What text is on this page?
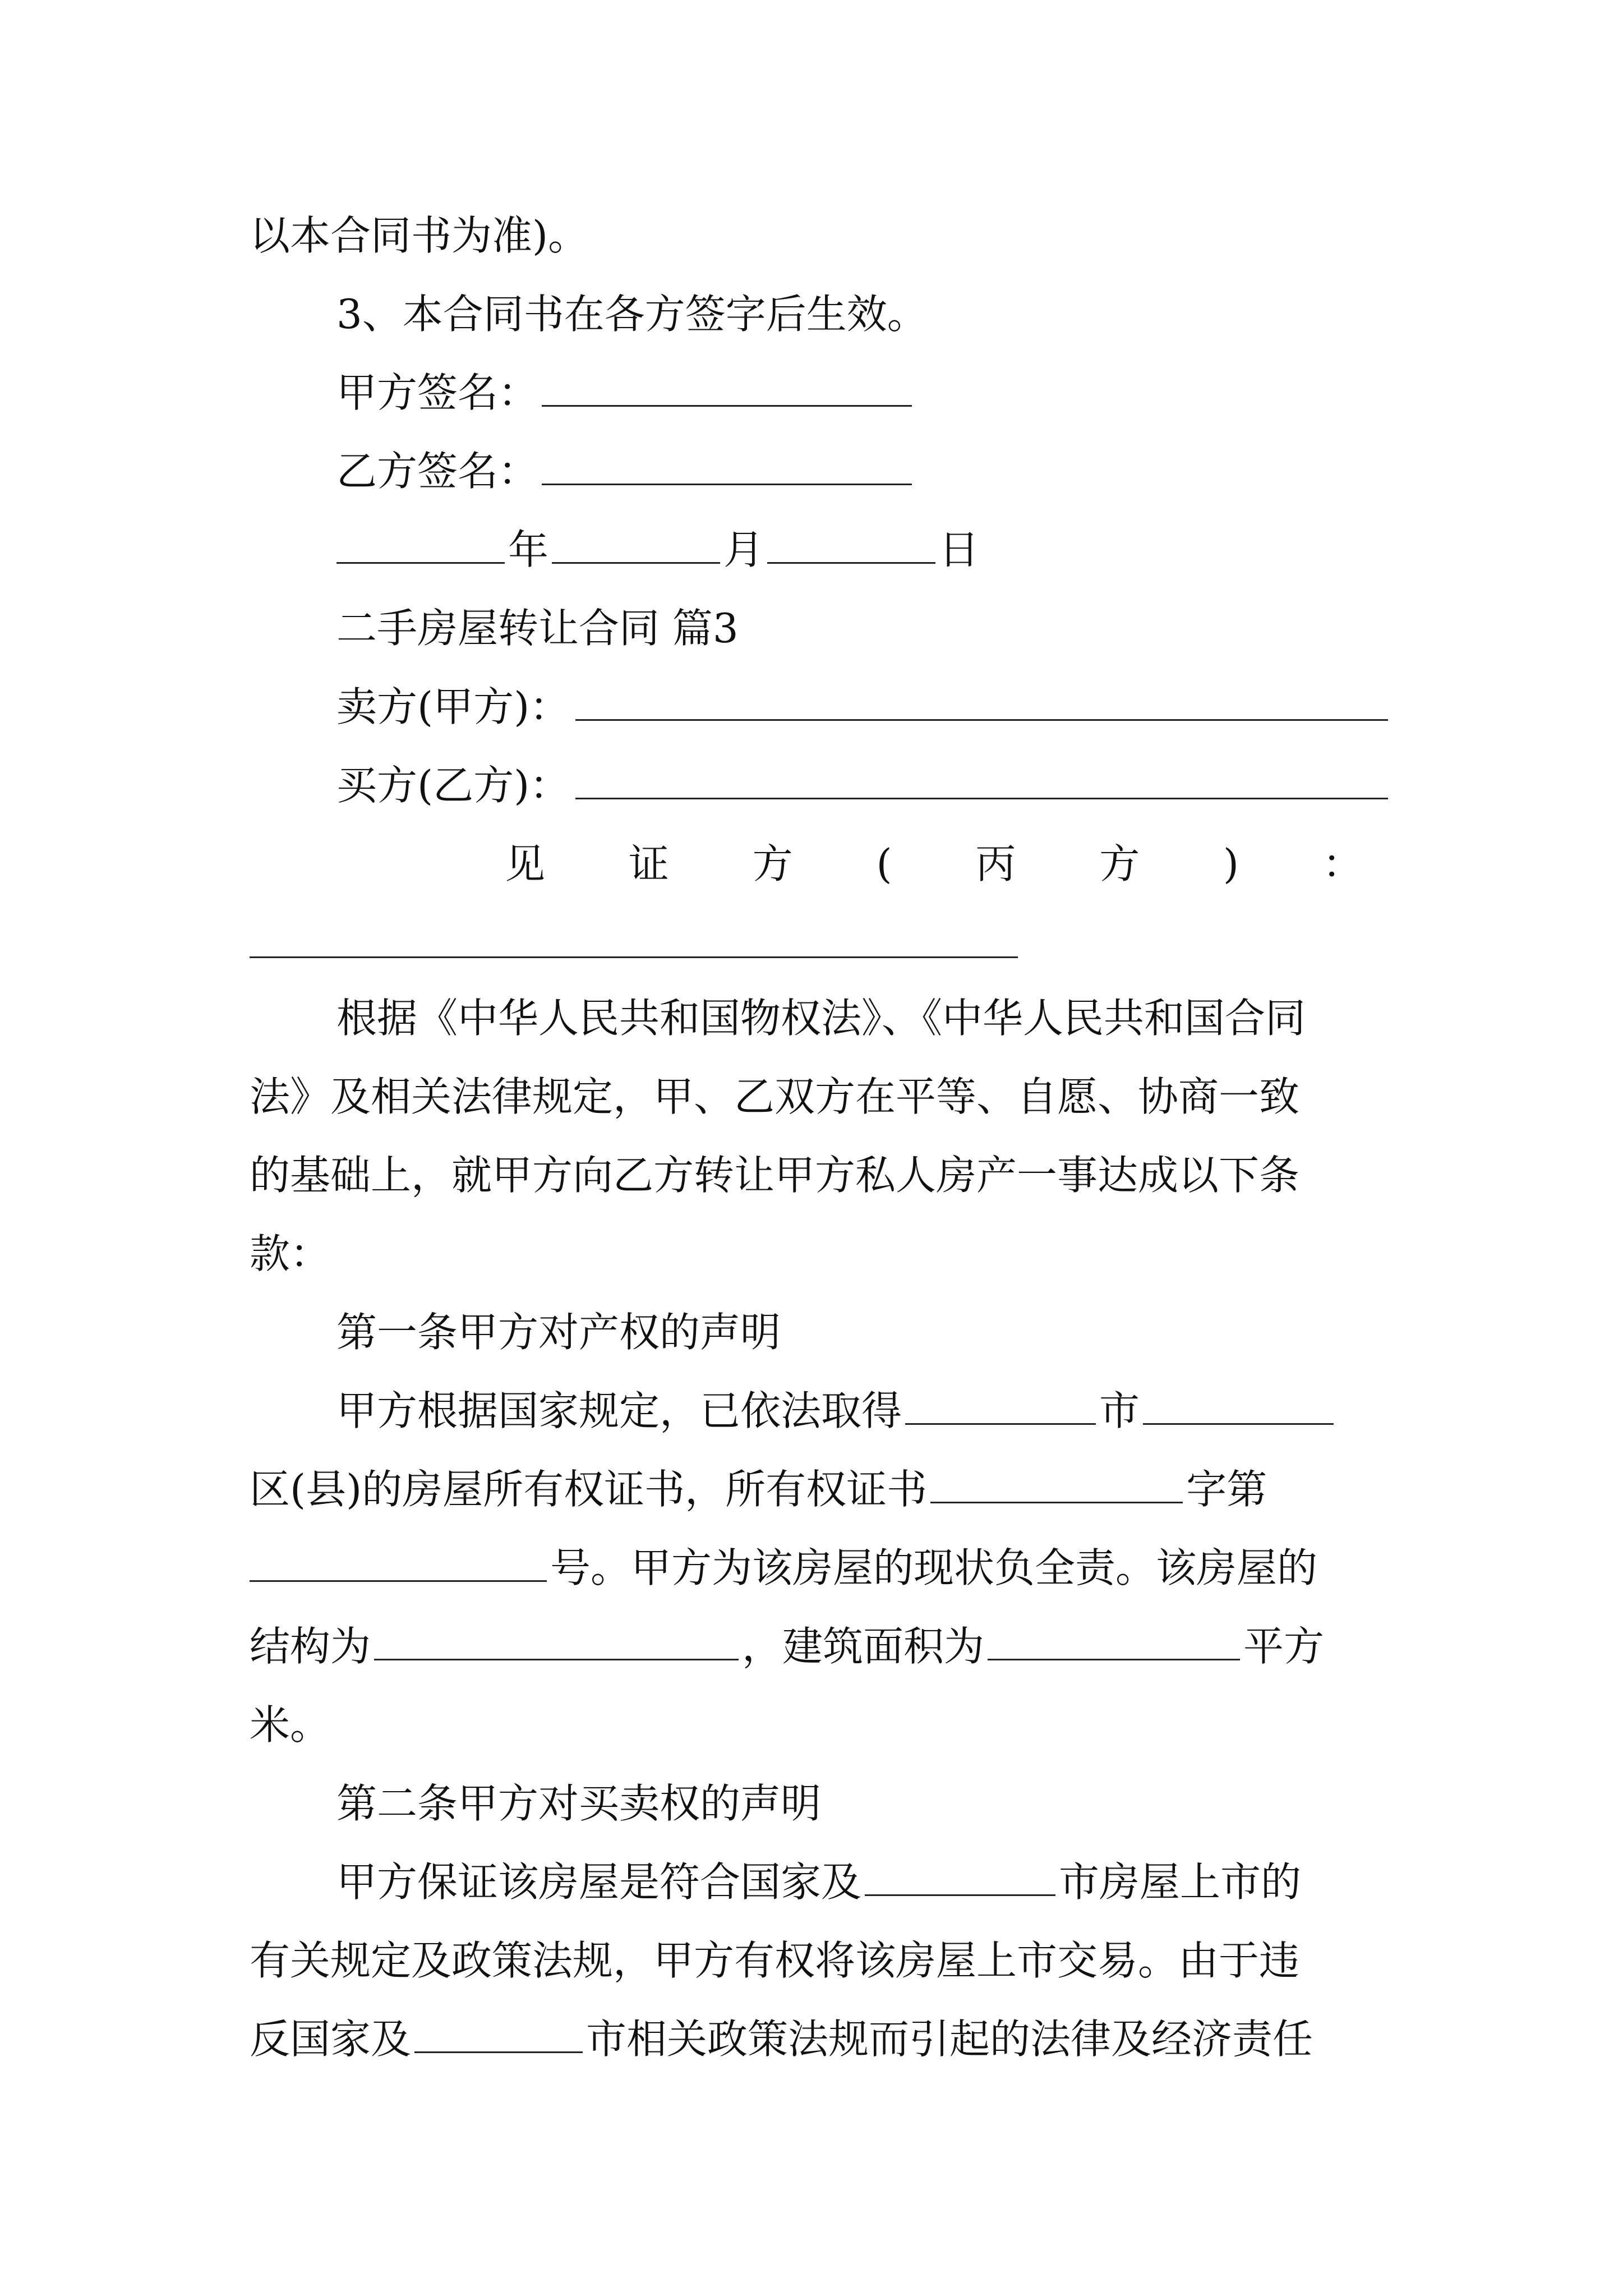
以本合同书为准)。
3、本合同书在各方签字后生效。
甲方签名：
乙方签名：
年	月	日
二手房屋转让合同 篇3
卖方(甲方)：
买方(乙方)：
见 证 方 ( 丙 方 ) ：
根据《中华人民共和国物权法》、《中华人民共和国合同
法》及相关法律规定，甲、乙双方在平等、自愿、协商一致
的基础上，就甲方向乙方转让甲方私人房产一事达成以下条
款：
第一条甲方对产权的声明
甲方根据国家规定，已依法取得	市
区(县)的房屋所有权证书，所有权证书	字第
号。甲方为该房屋的现状负全责。该房屋的
结构为	，建筑面积为	平方
米。
第二条甲方对买卖权的声明
甲方保证该房屋是符合国家及	市房屋上市的
有关规定及政策法规，甲方有权将该房屋上市交易。由于违
反国家及	市相关政策法规而引起的法律及经济责任
